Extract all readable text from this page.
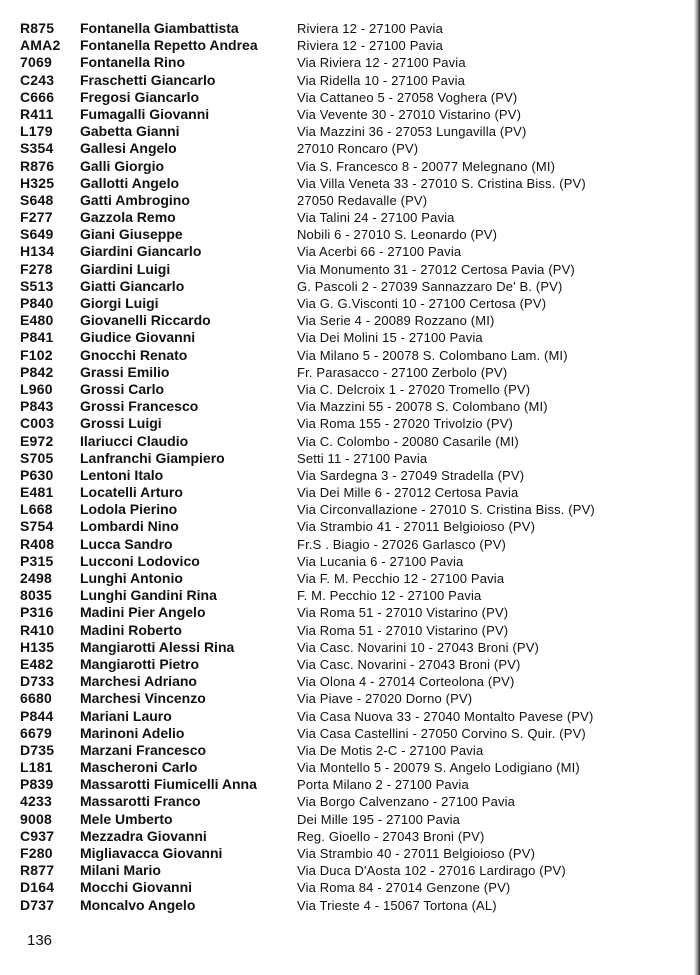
R875	Fontanella Giambattista	Riviera 12 - 27100 Pavia
AMA2	Fontanella Repetto Andrea	Riviera 12 - 27100 Pavia
7069	Fontanella Rino	Via Riviera 12 - 27100 Pavia
C243	Fraschetti Giancarlo	Via Ridella 10 - 27100 Pavia
C666	Fregosi Giancarlo	Via Cattaneo 5 - 27058 Voghera (PV)
R411	Fumagalli Giovanni	Via Vevente 30 - 27010 Vistarino (PV)
L179	Gabetta Gianni	Via Mazzini 36 - 27053 Lungavilla (PV)
S354	Gallesi Angelo	27010 Roncaro (PV)
R876	Galli Giorgio	Via S. Francesco 8 - 20077 Melegnano (MI)
H325	Gallotti Angelo	Via Villa Veneta 33 - 27010 S. Cristina Biss. (PV)
S648	Gatti Ambrogino	27050 Redavalle (PV)
F277	Gazzola Remo	Via Talini 24 - 27100 Pavia
S649	Giani Giuseppe	Nobili 6 - 27010 S. Leonardo (PV)
H134	Giardini Giancarlo	Via Acerbi 66 - 27100 Pavia
F278	Giardini Luigi	Via Monumento 31 - 27012 Certosa Pavia (PV)
S513	Giatti Giancarlo	G. Pascoli 2 - 27039 Sannazzaro De' B. (PV)
P840	Giorgi Luigi	Via G. G.Visconti 10 - 27100 Certosa (PV)
E480	Giovanelli Riccardo	Via Serie 4 - 20089 Rozzano (MI)
P841	Giudice Giovanni	Via Dei Molini 15 - 27100 Pavia
F102	Gnocchi Renato	Via Milano 5 - 20078 S. Colombano Lam. (MI)
P842	Grassi Emilio	Fr. Parasacco - 27100 Zerbolo (PV)
L960	Grossi Carlo	Via C. Delcroix 1 - 27020 Tromello (PV)
P843	Grossi Francesco	Via Mazzini 55 - 20078 S. Colombano (MI)
C003	Grossi Luigi	Via Roma 155 - 27020 Trivolzio (PV)
E972	Ilariucci Claudio	Via C. Colombo - 20080 Casarile (MI)
S705	Lanfranchi Giampiero	Setti 11 - 27100 Pavia
P630	Lentoni Italo	Via Sardegna 3 - 27049 Stradella (PV)
E481	Locatelli Arturo	Via Dei Mille 6 - 27012 Certosa Pavia
L668	Lodola Pierino	Via Circonvallazione - 27010 S. Cristina Biss. (PV)
S754	Lombardi Nino	Via Strambio 41 - 27011 Belgioioso (PV)
R408	Lucca Sandro	Fr.S . Biagio - 27026 Garlasco (PV)
P315	Lucconi Lodovico	Via Lucania 6 - 27100 Pavia
2498	Lunghi Antonio	Via F. M. Pecchio 12 - 27100 Pavia
8035	Lunghi Gandini Rina	F. M. Pecchio 12 - 27100 Pavia
P316	Madini Pier Angelo	Via Roma 51 - 27010 Vistarino (PV)
R410	Madini Roberto	Via Roma 51 - 27010 Vistarino (PV)
H135	Mangiarotti Alessi Rina	Via Casc. Novarini 10 - 27043 Broni (PV)
E482	Mangiarotti Pietro	Via Casc. Novarini - 27043 Broni (PV)
D733	Marchesi Adriano	Via Olona 4 - 27014 Corteolona (PV)
6680	Marchesi Vincenzo	Via Piave - 27020 Dorno (PV)
P844	Mariani Lauro	Via Casa Nuova 33 - 27040 Montalto Pavese (PV)
6679	Marinoni Adelio	Via Casa Castellini - 27050 Corvino S. Quir. (PV)
D735	Marzani Francesco	Via De Motis 2-C - 27100 Pavia
L181	Mascheroni Carlo	Via Montello 5 - 20079 S. Angelo Lodigiano (MI)
P839	Massarotti Fiumicelli Anna	Porta Milano 2 - 27100 Pavia
4233	Massarotti Franco	Via Borgo Calvenzano - 27100 Pavia
9008	Mele Umberto	Dei Mille 195 - 27100 Pavia
C937	Mezzadra Giovanni	Reg. Gioello - 27043 Broni (PV)
F280	Migliavacca Giovanni	Via Strambio 40 - 27011 Belgioioso (PV)
R877	Milani Mario	Via Duca D'Aosta 102 - 27016 Lardirago (PV)
D164	Mocchi Giovanni	Via Roma 84 - 27014 Genzone (PV)
D737	Moncalvo Angelo	Via Trieste 4 - 15067 Tortona (AL)
136
